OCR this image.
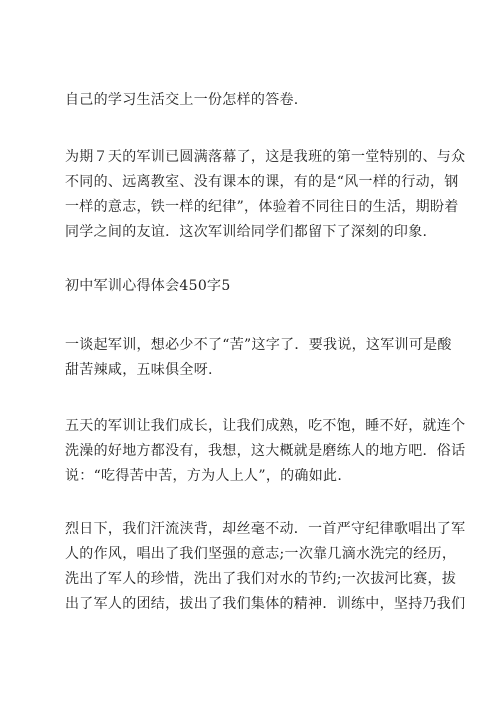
自己的学习生活交上一份怎样的答卷.

为期７天的军训已圆满落幕了，这是我班的第一堂特别的、与众
不同的、远离教室、没有课本的课，有的是“风一样的行动，钢
一样的意志，铁一样的纪律”，体验着不同往日的生活，期盼着
同学之间的友谊．这次军训给同学们都留下了深刻的印象.

初中军训心得体会450字5

一谈起军训，想必少不了“苦”这字了．要我说，这军训可是酸
甜苦辣咸，五味俱全呀.

五天的军训让我们成长，让我们成熟，吃不饱，睡不好，就连个
洗澡的好地方都没有，我想，这大概就是磨练人的地方吧．俗话
说：“吃得苦中苦，方为人上人”，的确如此.

烈日下，我们汗流浃背，却丝毫不动．一首严守纪律歌唱出了军
人的作风，唱出了我们坚强的意志;一次靠几滴水洗完的经历，
洗出了军人的珍惜，洗出了我们对水的节约;一次拔河比赛，拔
出了军人的团结，拔出了我们集体的精神．训练中，坚持乃我们
